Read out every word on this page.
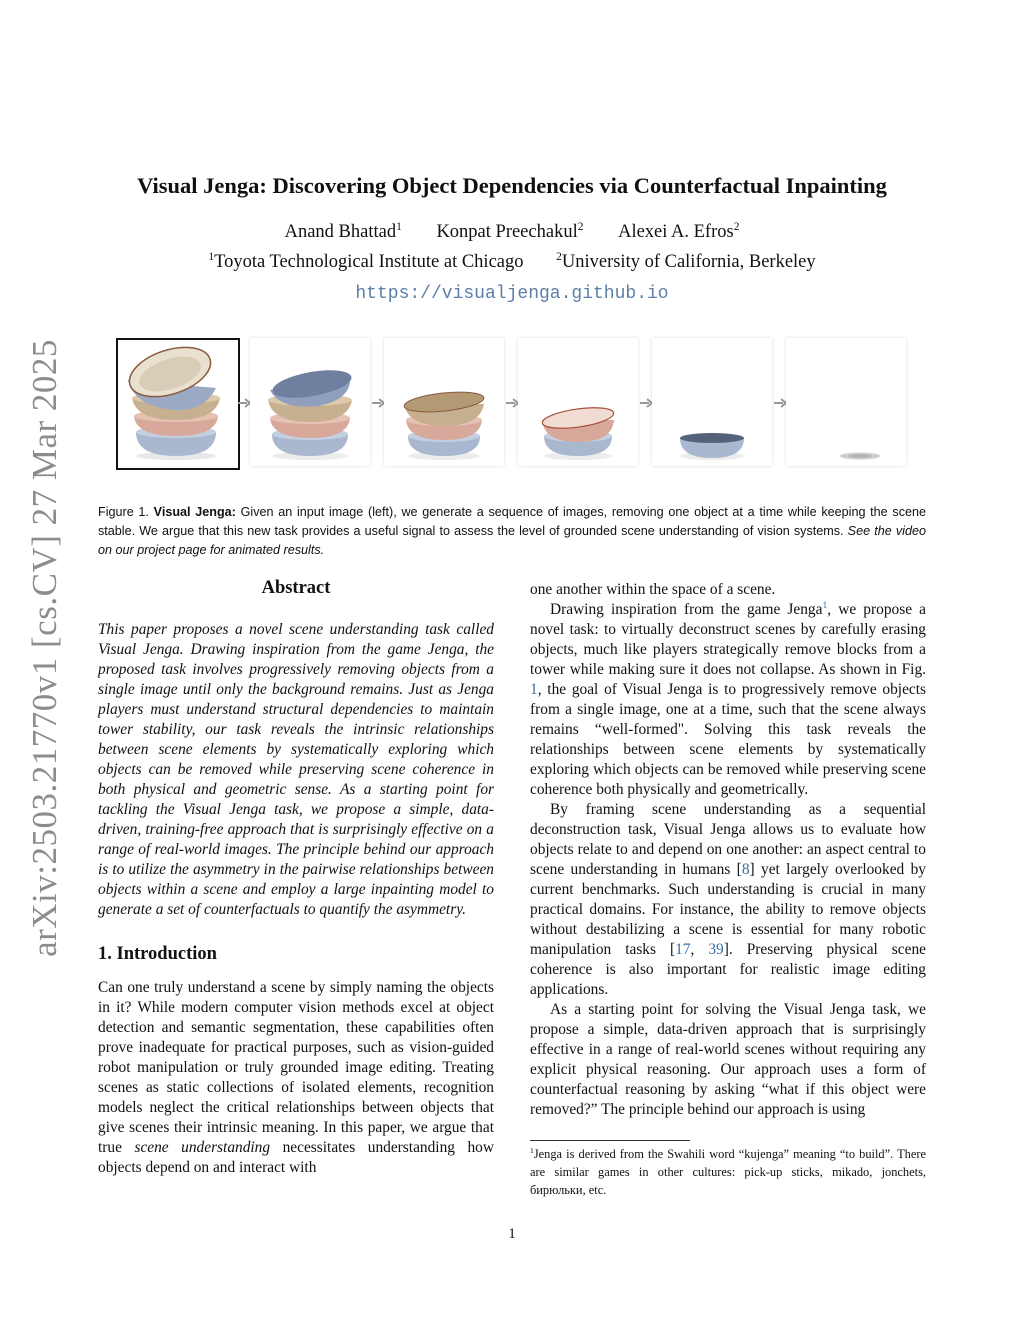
arXiv:2503.21770v1 [cs.CV] 27 Mar 2025
Visual Jenga: Discovering Object Dependencies via Counterfactual Inpainting
Anand Bhattad$^1$ Konpat Preechakul$^2$ Alexei A. Efros$^2$
$^1$Toyota Technological Institute at Chicago	$^2$University of California, Berkeley
https://visualjenga.github.io

Figure 1. Visual Jenga: Given an input image (left), we generate a sequence of images, removing one object at a time while keeping the scene stable. We argue that this new task provides a useful signal to assess the level of grounded scene understanding of vision systems. See the video on our project page for animated results.

Abstract

This paper proposes a novel scene understanding task called Visual Jenga. Drawing inspiration from the game Jenga, the proposed task involves progressively removing objects from a single image until only the background remains. Just as Jenga players must understand structural dependencies to maintain tower stability, our task reveals the intrinsic relationships between scene elements by systematically exploring which objects can be removed while preserving scene coherence in both physical and geometric sense. As a starting point for tackling the Visual Jenga task, we propose a simple, data-driven, training-free approach that is surprisingly effective on a range of real-world images. The principle behind our approach is to utilize the asymmetry in the pairwise relationships between objects within a scene and employ a large inpainting model to generate a set of counterfactuals to quantify the asymmetry.

1. Introduction

Can one truly understand a scene by simply naming the objects in it? While modern computer vision methods excel at object detection and semantic segmentation, these capabilities often prove inadequate for practical purposes, such as vision-guided robot manipulation or truly grounded image editing. Treating scenes as static collections of isolated elements, recognition models neglect the critical relationships between objects that give scenes their intrinsic meaning. In this paper, we argue that true scene understanding necessitates understanding how objects depend on and interact with

one another within the space of a scene.

Drawing inspiration from the game Jenga$^1$, we propose a novel task: to virtually deconstruct scenes by carefully erasing objects, much like players strategically remove blocks from a tower while making sure it does not collapse. As shown in Fig. 1, the goal of Visual Jenga is to progressively remove objects from a single image, one at a time, such that the scene always remains “well-formed". Solving this task reveals the relationships between scene elements by systematically exploring which objects can be removed while preserving scene coherence both physically and geometrically.

By framing scene understanding as a sequential deconstruction task, Visual Jenga allows us to evaluate how objects relate to and depend on one another: an aspect central to scene understanding in humans [8] yet largely overlooked by current benchmarks. Such understanding is crucial in many practical domains. For instance, the ability to remove objects without destabilizing a scene is essential for many robotic manipulation tasks [17, 39]. Preserving physical scene coherence is also important for realistic image editing applications.

As a starting point for solving the Visual Jenga task, we propose a simple, data-driven approach that is surprisingly effective in a range of real-world scenes without requiring any explicit physical reasoning. Our approach uses a form of counterfactual reasoning by asking “what if this object were removed?” The principle behind our approach is using

$^1$Jenga is derived from the Swahili word “kujenga” meaning “to build”. There are similar games in other cultures: pick-up sticks, mikado, jonchets, бирюльки, etc.

1
